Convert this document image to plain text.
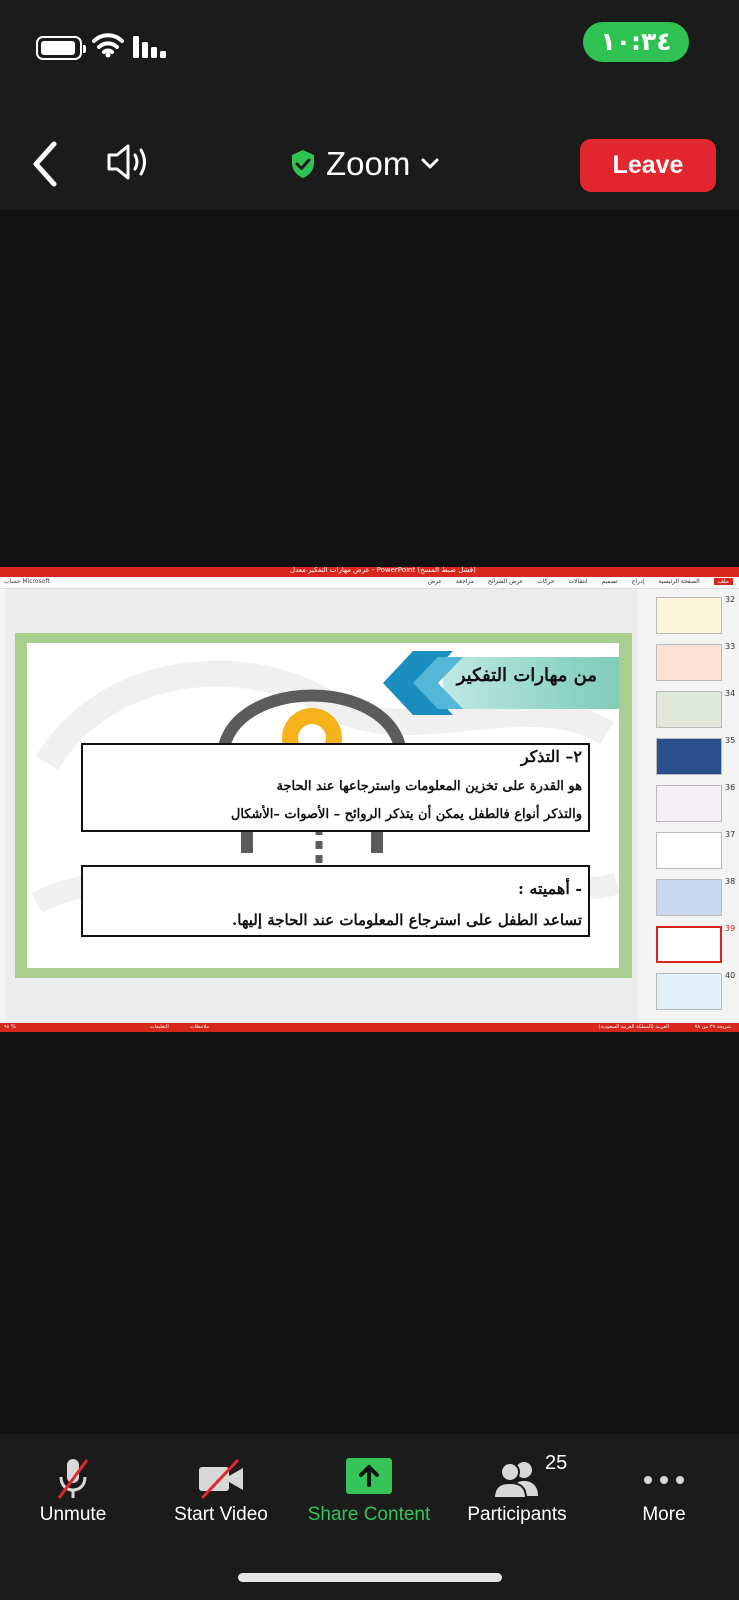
١٠:٣٤
Zoom	Leave
عرض مهارات التفكير معدل - PowerPoint (فشل ضبط المسح)
حساب Microsoft	ملف الصفحة الرئيسية إدراج تصميم انتقالات حركات عرض الشرائح مراجعة عرض
من مهارات التفكير
٢– التذكر
هو القدرة على تخزين المعلومات واسترجاعها عند الحاجة
والتذكر أنواع فالطفل يمكن أن يتذكر الروائح – الأصوات –الأشكال
- أهميته :
تساعد الطفل على استرجاع المعلومات عند الحاجة إليها.
32
33
34
35
36
37
38
39
40
شريحة ٣٩ من ٧٨
العربية (المملكة العربية السعودية)
ملاحظات
التعليقات
٩٨ %
Unmute	Start Video	Share Content	Participants
25
More
